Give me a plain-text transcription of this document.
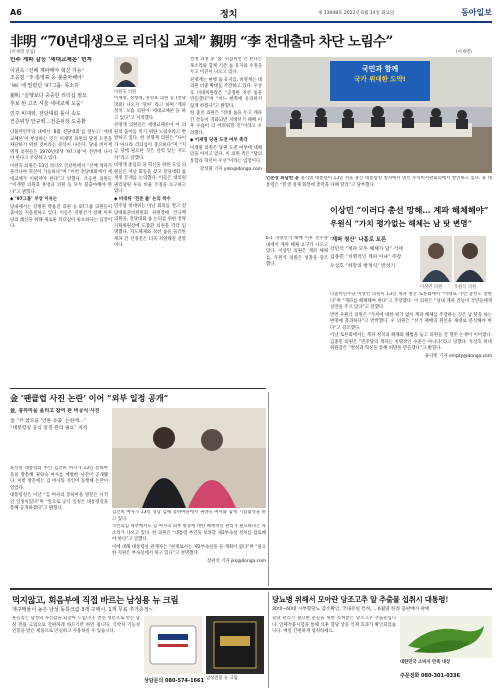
A6	정치	제 13948호 2022년 6월 14일 화요일	동아일보
非明 “70년대생으로 리더십 교체” 親明 “李 전대출마 차단 노림수”
(이재명 선임)	(이재명)
민주 계파 갈등 ‘세대교체론’ 번져
이원욱 “선배 계파해야 혁신 가능”
조응천 “李·홍영표 등 불출마해야”
‘98’ 에 밀렸던 ‘97그룹’ 목소리
親明 “실행보다 중중한 리더십 필요
후보 된 고조 서울 세대교체 도움”
민주 비대위, 전당대회 룰이 속도
전준위장 안규백…전준위장 도종환

더불어민주당 내에서 ‘8월 전당대회’를 앞두고 ‘세대교체론’이 부상하는 것은 이재명 의원의 당권 도전을 차단하기 위한 것이라는 분석이 나온다. 당내 비이재명계 의원들은 1970년대생 ‘97그룹’이 전면에 나서야 한다고 주장하고 있다.

이원욱 의원은 13일 라디오 인터뷰에서 “선배 계파가 물러나야 혁신이 가능하다”며 “이번 전당대회에서 세대교체가 이뤄져야 한다”고 말했다. 조응천 의원도 “이재명 의원과 홍영표 의원 등 모두 불출마해야 한다”고 밝혔다.

◆ ‘97그룹’ 부상 이유는

당내에서는 강병원 박용진 의원 등 97그룹 의원들이 출마를 저울질하고 있다. 이들은 지방선거 참패 이후 당의 쇄신을 위해 새로운 리더십이 필요하다는 입장이다.

이원욱 의원

이재명, 정청래, 홍영표 의원 등 (전당대회) 나오지 ‘말아’ 라고 하며 ‘계파 정치’ 모습 의원이 ‘세대교체론’을 하고 있다”고 지적했다.

친명계 의원들은 세대교체론이 이 의원의 출마를 막기 위한 노림수라고 반발하고 있다. 한 친명계 의원은 “나이가 아니라 리더십이 중요하다”며 “지금 당에 필요한 것은 실력 있는 지도자”라고 말했다.

비명계 중심의 당 혁신을 위한 모임 의원들은 이날 회동을 갖고 전당대회 룰 개정 문제를 논의했다. 이들은 대의원 권리당원 투표 비율 조정을 요구하고 있다.

◆ 비대위 ‘전준 룰’ 논의 착수

민주당 비대위는 이날 회의를 열고 전당대회준비위원회 위원장에 안규백 의원을, 전당대회 룰 논의를 위한 전략기획위원장에 도종환 의원을 각각 임명했다. 지도체제와 경선 룰을 둘러싼 계파 간 신경전은 더욱 치열해질 전망이다.

결정 과정 중 ‘룰’ 뒤집히면 안 된다는 목소리와 함께 기존 룰 유지와 수정을 두고 이견이 나오고 있다.

친명계는 현행 룰 유지를, 비명계는 대의원 비중 확대를 주장하고 있다. 우상호 비대위원장은 “공정한 경선 룰을 만들겠다”며 “어느 한쪽에 유리하지 않게 하겠다”고 밝혔다.

한 중진 의원은 “전대 룰을 두고 계파 간 갈등이 격화되면 지방선거 패배 이후 수습이 더 어려워질 것”이라고 우려했다.

◆ 이재명 당권 도전 여부 촉각

이재명 의원은 당권 도전 여부에 대해 말을 아끼고 있다. 이 의원 측은 “당의 통합과 혁신이 우선”이라는 입장이다.

강성휘 기자 yolo@donga.com

국민과 함께
국가 위대한 도약!

인준장 화답한 윤 윤석열 대통령이 13일 서울 용산 대통령실 청사에서 열린 수석비서관회의에서 발언하고 있다. 윤 대통령은 “민생 경제 회복에 총력을 다해 달라”고 당부했다.

이상민 “이러다 총선 망해… 계파 해체해야”
우원식 “가치 평가없는 해체는 남 탓 변명”
이상민 의원	우원식 의원

6·1 지방선거 패배 이후 민주당 내에서 계파 해체 요구가 나오고 있다. 이상민 의원은 계파 해체를, 우원식 의원은 성찰을 강조했다.

‘계파 청산’ 나홀로 토론
강민석 “계파 모두 해체가 답” 거세
김종민 “치명적인 계파 아냐” 주장
우상호 “희망의 방정식” 반성기

더불어민주당 이상민 의원이 13일 계파 청산 토론회에서 “이대로 가면 총선도 망한다”며 “계파를 해체해야 한다”고 주장했다. 이 의원은 “당내 계파 갈등이 국민들에게 실망을 주고 있다”고 말했다.

반면 우원식 의원은 “가치에 대한 평가 없이 계파 해체를 주장하는 것은 남 탓을 하는 변명에 불과하다”고 반박했다. 우 의원은 “선거 패배의 원인을 제대로 분석해야 한다”고 강조했다.

이날 토론회에서는 계파 정치의 폐해와 해법을 놓고 의원들 간 열띤 논쟁이 이어졌다. 김종민 의원은 “민주당의 계파는 치명적인 수준은 아니다”라고 말했다. 우상호 비대위원장은 “반성과 혁신을 통해 희망을 만들겠다”고 밝혔다.

윤다빈 기자 empty@donga.com

金 ‘팬클럽 사진 논란’ 이어 “외부 일정 공개”
金, 봉하마을 올리고 참여 관 비공식 사진
金 “尹 참모들 ‘언론 유출’ 논란에…”
“대통령실 공식 일정 관리 필요” 지적

윤석열 대통령의 부인 김건희 여사가 13일 봉하마을을 방문해 권양숙 여사를 예방한 사진이 공개됐다. 이번 방문에는 김 여사의 지인이 동행해 논란이 일었다.

대통령실은 이날 “김 여사의 봉하마을 방문은 사적인 일정이었다”며 “앞으로 공식 일정은 대통령실을 통해 공개하겠다”고 밝혔다.

김건희 여사가 13일 경남 김해 봉하마을에서 권양숙 여사와 함께 기념촬영을 하고 있다.

국민의힘 내부에서도 김 여사의 외부 활동에 대한 체계적인 관리가 필요하다는 목소리가 나오고 있다. 한 의원은 “대통령 부인을 보좌할 제2부속실 설치를 검토해야 한다”고 말했다.

이에 대해 대통령실 관계자는 “현재로서는 제2부속실을 둘 계획이 없다”며 “필요한 지원은 부속실에서 하고 있다”고 설명했다.

장관석 기자 jks@donga.com

먹지않고, 회음부에 직접 바르는 남성용 뉴 크림
재구매율이 높은 남성 동특크림 3개 구매시, 1개 무료 추가증정~

흔들리는 남성의 자신감을 되찾아 드립니다. 천연 성분으로 만든 남성 전용 크림으로 간편하게 바르기만 하면 됩니다. 식약처 기능성 인증을 받은 제품으로 안심하고 사용하실 수 있습니다.

남성전용 뉴 크림
상담문의 080-574-1661
당뇨병 위해서 모아란 당조고추 알 추출물 섭취시 대통령!
30대~60대 시부형당뇨 감소확인, 국내유일 특허, …6월말 한정 품판매시 판매

혈당 관리가 필요한 분들을 위한 특허받은 당조고추 추출물입니다. 인체적용시험을 통해 식후 혈당 상승 억제 효과가 확인되었습니다. 매일 간편하게 섭취하세요.

대한민국 소비자 만족 대상
주문전화 080-301-0336
